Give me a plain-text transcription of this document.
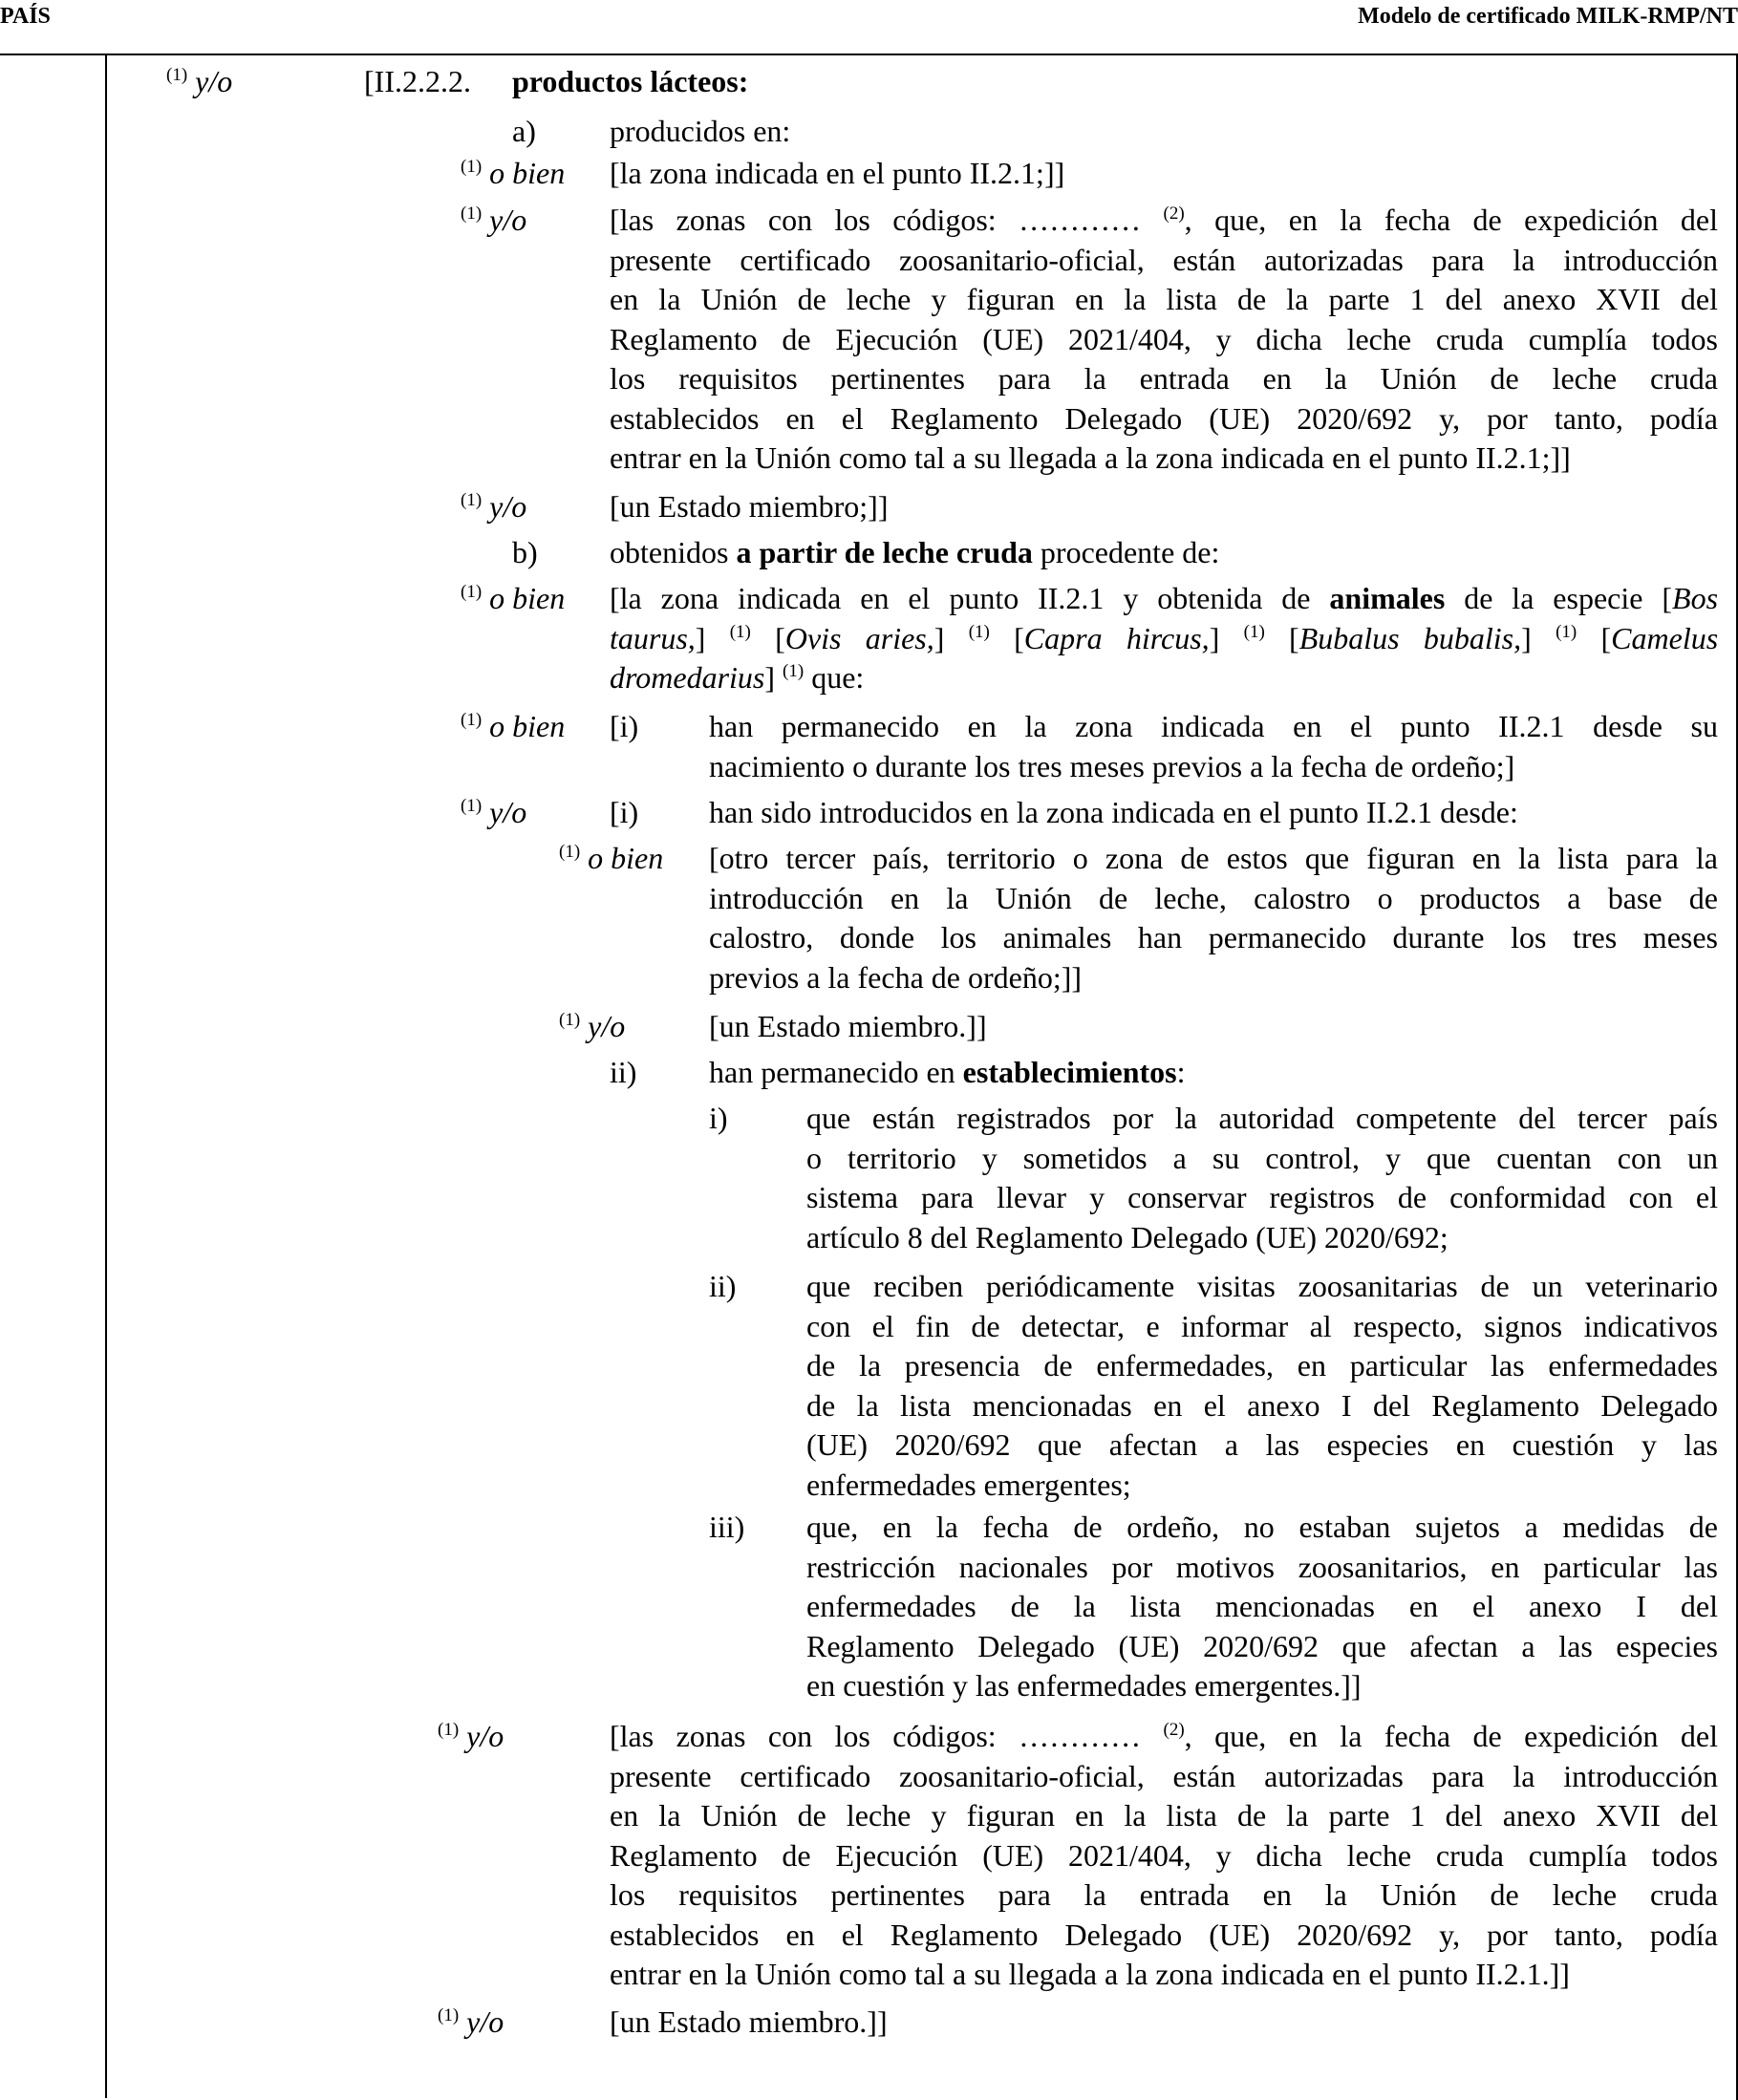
PAÍS	Modelo de certificado MILK-RMP/NT
$^{(1)}$ y/o	[II.2.2.2. productos lácteos:
a) producidos en:
$^{(1)}$ o bien [la zona indicada en el punto II.2.1;]]
$^{(1)}$ y/o	[las zonas con los códigos: ………… $^{(2)}$, que, en la fecha de expedición del
presente certificado zoosanitario-oficial, están autorizadas para la introducción
en la Unión de leche y figuran en la lista de la parte 1 del anexo XVII del
Reglamento de Ejecución (UE) 2021/404, y dicha leche cruda cumplía todos
los requisitos pertinentes para la entrada en la Unión de leche cruda
establecidos en el Reglamento Delegado (UE) 2020/692 y, por tanto, podía
entrar en la Unión como tal a su llegada a la zona indicada en el punto II.2.1;]]
$^{(1)}$ y/o	[un Estado miembro;]]
b) obtenidos a partir de leche cruda procedente de:
$^{(1)}$ o bien [la zona indicada en el punto II.2.1 y obtenida de animales de la especie [Bos
taurus,] $^{(1)}$ [Ovis aries,] $^{(1)}$ [Capra hircus,] $^{(1)}$ [Bubalus bubalis,] $^{(1)}$ [Camelus
dromedarius] $^{(1)}$ que:
$^{(1)}$ o bien [i) han permanecido en la zona indicada en el punto II.2.1 desde su
nacimiento o durante los tres meses previos a la fecha de ordeño;]
$^{(1)}$ y/o	[i) han sido introducidos en la zona indicada en el punto II.2.1 desde:
$^{(1)}$ o bien [otro tercer país, territorio o zona de estos que figuran en la lista para la
introducción en la Unión de leche, calostro o productos a base de
calostro, donde los animales han permanecido durante los tres meses
previos a la fecha de ordeño;]]
$^{(1)}$ y/o	[un Estado miembro.]]
ii) han permanecido en establecimientos:
i)	que están registrados por la autoridad competente del tercer país
o territorio y sometidos a su control, y que cuentan con un
sistema para llevar y conservar registros de conformidad con el
artículo 8 del Reglamento Delegado (UE) 2020/692;
ii) que reciben periódicamente visitas zoosanitarias de un veterinario
con el fin de detectar, e informar al respecto, signos indicativos
de la presencia de enfermedades, en particular las enfermedades
de la lista mencionadas en el anexo I del Reglamento Delegado
(UE) 2020/692 que afectan a las especies en cuestión y las
enfermedades emergentes;
iii) que, en la fecha de ordeño, no estaban sujetos a medidas de
restricción nacionales por motivos zoosanitarios, en particular las
enfermedades de la lista mencionadas en el anexo I del
Reglamento Delegado (UE) 2020/692 que afectan a las especies
en cuestión y las enfermedades emergentes.]]
$^{(1)}$ y/o	[las zonas con los códigos: ………… $^{(2)}$, que, en la fecha de expedición del
presente certificado zoosanitario-oficial, están autorizadas para la introducción
en la Unión de leche y figuran en la lista de la parte 1 del anexo XVII del
Reglamento de Ejecución (UE) 2021/404, y dicha leche cruda cumplía todos
los requisitos pertinentes para la entrada en la Unión de leche cruda
establecidos en el Reglamento Delegado (UE) 2020/692 y, por tanto, podía
entrar en la Unión como tal a su llegada a la zona indicada en el punto II.2.1.]]
$^{(1)}$ y/o	[un Estado miembro.]]
